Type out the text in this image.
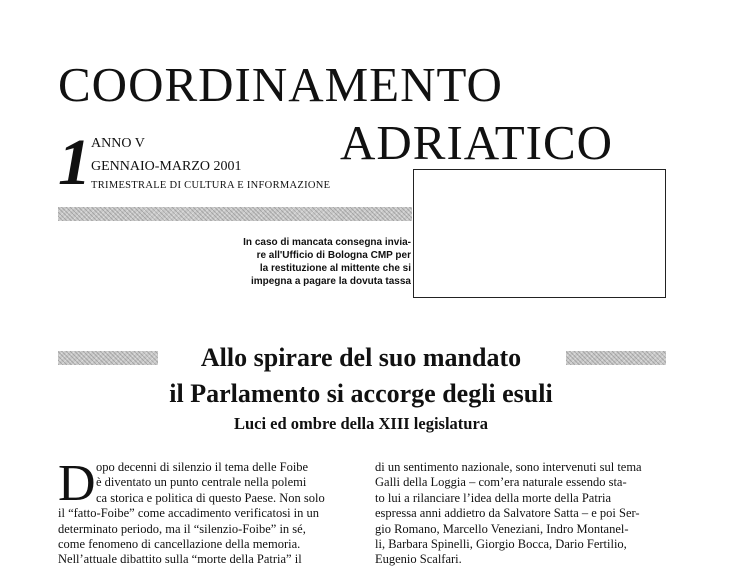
COORDINAMENTO
ADRIATICO
1 ANNO V
GENNAIO-MARZO 2001
TRIMESTRALE DI CULTURA E INFORMAZIONE
In caso di mancata consegna invia-
re all'Ufficio di Bologna CMP per
la restituzione al mittente che si
impegna a pagare la dovuta tassa
Allo spirare del suo mandato
il Parlamento si accorge degli esuli
Luci ed ombre della XIII legislatura
D opo decenni di silenzio il tema delle Foibe
è diventato un punto centrale nella polemi
ca storica e politica di questo Paese. Non solo
il “fatto-Foibe” come accadimento verificatosi in un
determinato periodo, ma il “silenzio-Foibe” in sé,
come fenomeno di cancellazione della memoria.
Nell’attuale dibattito sulla “morte della Patria” il
di un sentimento nazionale, sono intervenuti sul tema
Galli della Loggia – com’era naturale essendo sta-
to lui a rilanciare l’idea della morte della Patria
espressa anni addietro da Salvatore Satta – e poi Ser-
gio Romano, Marcello Veneziani, Indro Montanel-
li, Barbara Spinelli, Giorgio Bocca, Dario Fertilio,
Eugenio Scalfari.
